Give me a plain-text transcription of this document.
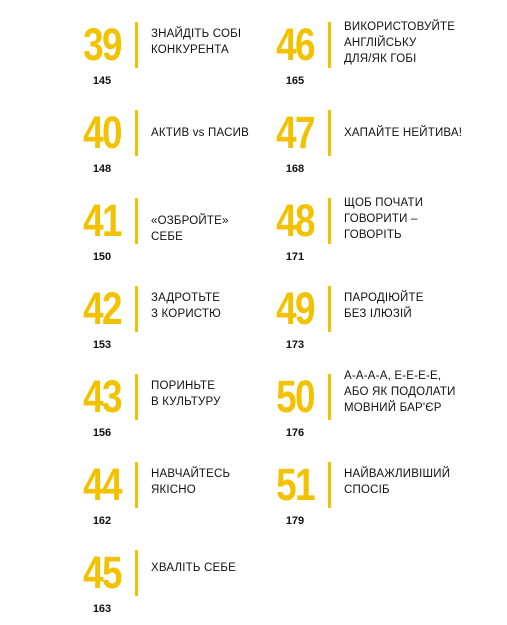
39	ЗНАЙДІТЬ СОБІ
КОНКУРЕНТА
145
40	АКТИВ vs ПАСИВ
148
41	«ОЗБРОЙТЕ» СЕБЕ
150
42	ЗАДРОТЬТЕ
З КОРИСТЮ
153
43	ПОРИНЬТЕ
В КУЛЬТУРУ
156
44	НАВЧАЙТЕСЬ
ЯКІСНО
162
45	ХВАЛІТЬ СЕБЕ
163
46	ВИКОРИСТОВУЙТЕ
АНГЛІЙСЬКУ
ДЛЯ/ЯК ГОБІ
165
47	ХАПАЙТЕ НЕЙТИВА!
168
48	ЩОБ ПОЧАТИ
ГОВОРИТИ –
ГОВОРІТЬ
171
49	ПАРОДІЮЙТЕ
БЕЗ ІЛЮЗІЙ
173
50	А-А-А-А, Е-Е-Е-Е,
АБО ЯК ПОДОЛАТИ
МОВНИЙ БАР'ЄР
176
51	НАЙВАЖЛИВІШИЙ
СПОСІБ
179
